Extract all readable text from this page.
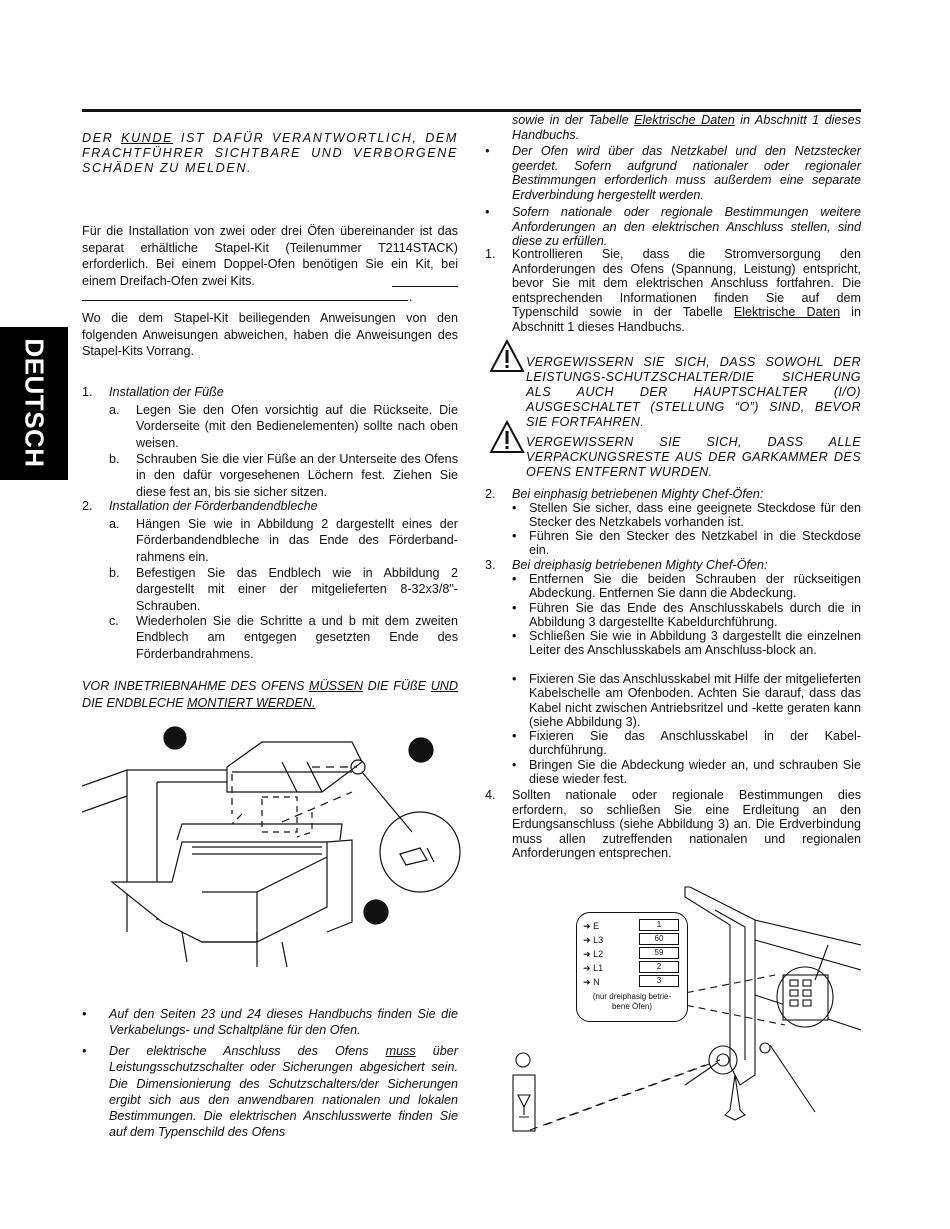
DEUTSCH
DER KUNDE IST DAFÜR VERANTWORTLICH, DEM FRACHTFÜHRER SICHTBARE UND VERBORGENE SCHÄDEN ZU MELDEN.
Für die Installation von zwei oder drei Öfen übereinander ist das separat erhältliche Stapel-Kit (Teilenummer T2114STACK) erforderlich. Bei einem Doppel-Ofen benötigen Sie ein Kit, bei einem Dreifach-Ofen zwei Kits.
.
Wo die dem Stapel-Kit beiliegenden Anweisungen von den folgenden Anweisungen abweichen, haben die Anweisungen des Stapel-Kits Vorrang.
1. Installation der Füße
a. Legen Sie den Ofen vorsichtig auf die Rückseite. Die Vorderseite (mit den Bedienelementen) sollte nach oben weisen.
b. Schrauben Sie die vier Füße an der Unterseite des Ofens in den dafür vorgesehenen Löchern fest. Ziehen Sie diese fest an, bis sie sicher sitzen.
2. Installation der Förderbandendbleche
a. Hängen Sie wie in Abbildung 2 dargestellt eines der Förderbandendbleche in das Ende des Förderband-rahmens ein.
b. Befestigen Sie das Endblech wie in Abbildung 2 dargestellt mit einer der mitgelieferten 8-32x3/8"-Schrauben.
c. Wiederholen Sie die Schritte a und b mit dem zweiten Endblech am entgegen gesetzten Ende des Förderbandrahmens.
VOR INBETRIEBNAHME DES OFENS MÜSSEN DIE FÜßE UND DIE ENDBLECHE MONTIERT WERDEN.
• Auf den Seiten 23 und 24 dieses Handbuchs finden Sie die Verkabelungs- und Schaltpläne für den Ofen.
• Der elektrische Anschluss des Ofens muss über Leistungsschutzschalter oder Sicherungen abgesichert sein. Die Dimensionierung des Schutzschalters/der Sicherungen ergibt sich aus den anwendbaren nationalen und lokalen Bestimmungen. Die elektrischen Anschlusswerte finden Sie auf dem Typenschild des Ofens
sowie in der Tabelle Elektrische Daten in Abschnitt 1 dieses Handbuchs.
• Der Ofen wird über das Netzkabel und den Netzstecker geerdet. Sofern aufgrund nationaler oder regionaler Bestimmungen erforderlich muss außerdem eine separate Erdverbindung hergestellt werden.
• Sofern nationale oder regionale Bestimmungen weitere Anforderungen an den elektrischen Anschluss stellen, sind diese zu erfüllen.
1. Kontrollieren Sie, dass die Stromversorgung den Anforderungen des Ofens (Spannung, Leistung) entspricht, bevor Sie mit dem elektrischen Anschluss fortfahren. Die entsprechenden Informationen finden Sie auf dem Typenschild sowie in der Tabelle Elektrische Daten in Abschnitt 1 dieses Handbuchs.
VERGEWISSERN SIE SICH, DASS SOWOHL DER LEISTUNGS-SCHUTZSCHALTER/DIE SICHERUNG ALS AUCH DER HAUPTSCHALTER (I/O) AUSGESCHALTET (STELLUNG “O”) SIND, BEVOR SIE FORTFAHREN.
VERGEWISSERN SIE SICH, DASS ALLE VERPACKUNGSRESTE AUS DER GARKAMMER DES OFENS ENTFERNT WURDEN.
2. Bei einphasig betriebenen Mighty Chef-Öfen:
• Stellen Sie sicher, dass eine geeignete Steckdose für den Stecker des Netzkabels vorhanden ist.
• Führen Sie den Stecker des Netzkabel in die Steckdose ein.
3. Bei dreiphasig betriebenen Mighty Chef-Öfen:
• Entfernen Sie die beiden Schrauben der rückseitigen Abdeckung. Entfernen Sie dann die Abdeckung.
• Führen Sie das Ende des Anschlusskabels durch die in Abbildung 3 dargestellte Kabeldurchführung.
• Schließen Sie wie in Abbildung 3 dargestellt die einzelnen Leiter des Anschlusskabels am Anschluss-block an.
• Fixieren Sie das Anschlusskabel mit Hilfe der mitgelieferten Kabelschelle am Ofenboden. Achten Sie darauf, dass das Kabel nicht zwischen Antriebsritzel und -kette geraten kann (siehe Abbildung 3).
• Fixieren Sie das Anschlusskabel in der Kabel-durchführung.
• Bringen Sie die Abdeckung wieder an, und schrauben Sie diese wieder fest.
4. Sollten nationale oder regionale Bestimmungen dies erfordern, so schließen Sie eine Erdleitung an den Erdungsanschluss (siehe Abbildung 3) an. Die Erdverbindung muss allen zutreffenden nationalen und regionalen Anforderungen entsprechen.
➜ E	1
➜ L3	60
➜ L2	59
➜ L1	2
➜ N	3
(nur dreiphasig betrie-bene Öfen)
